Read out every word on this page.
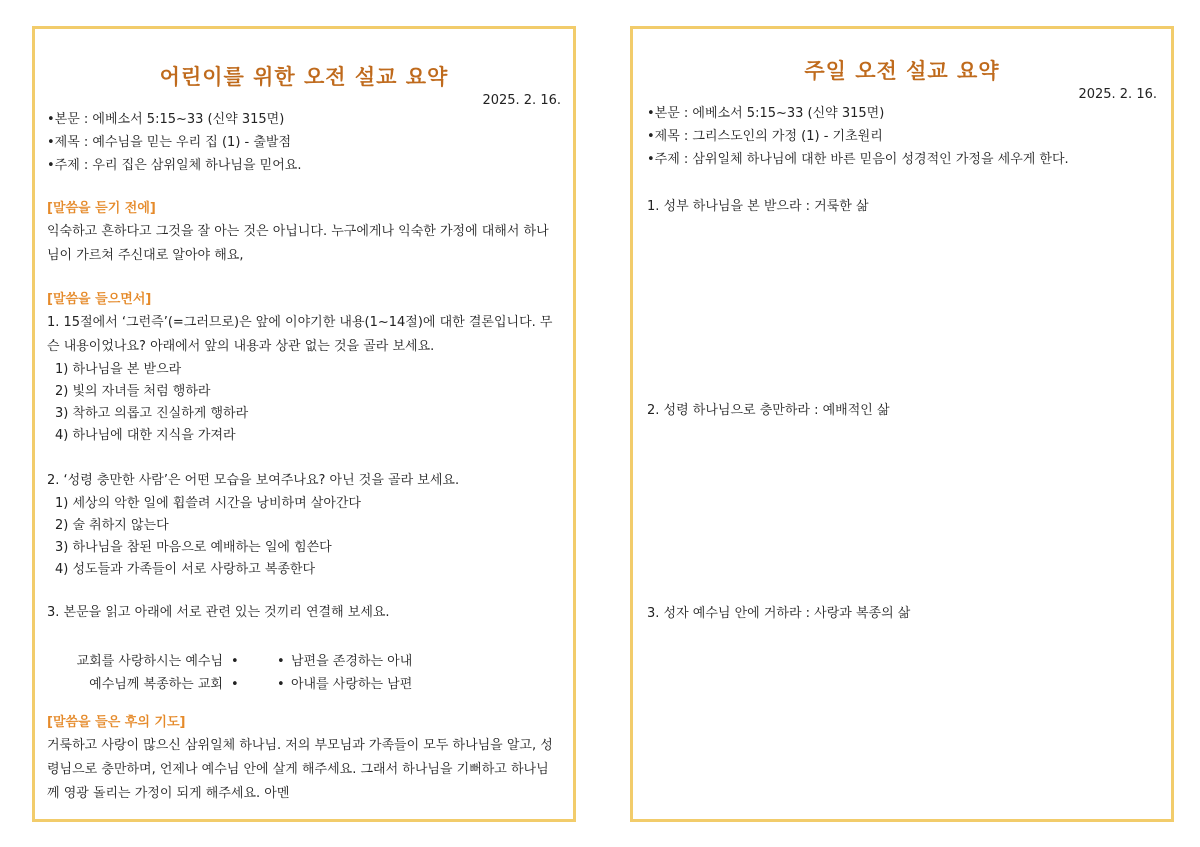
어린이를 위한 오전 설교 요약

2025. 2. 16.

•본문 : 에베소서 5:15~33 (신약 315면)
•제목 : 예수님을 믿는 우리 집 (1) - 출발점
•주제 : 우리 집은 삼위일체 하나님을 믿어요.

[말씀을 듣기 전에]

익숙하고 흔하다고 그것을 잘 아는 것은 아닙니다. 누구에게나 익숙한 가정에 대해서 하나님이 가르쳐 주신대로 알아야 해요,

[말씀을 들으면서]

1. 15절에서 ‘그런즉’(=그러므로)은 앞에 이야기한 내용(1~14절)에 대한 결론입니다. 무슨 내용이었나요? 아래에서 앞의 내용과 상관 없는 것을 골라 보세요.

1) 하나님을 본 받으라
2) 빛의 자녀들 처럼 행하라
3) 착하고 의롭고 진실하게 행하라
4) 하나님에 대한 지식을 가져라

2. ‘성령 충만한 사람’은 어떤 모습을 보여주나요? 아닌 것을 골라 보세요.

1) 세상의 악한 일에 휩쓸려 시간을 낭비하며 살아간다
2) 술 취하지 않는다
3) 하나님을 참된 마음으로 예배하는 일에 힘쓴다
4) 성도들과 가족들이 서로 사랑하고 복종한다

3. 본문을 읽고 아래에 서로 관련 있는 것끼리 연결해 보세요.

교회를 사랑하시는 예수님 •	• 남편을 존경하는 아내
예수님께 복종하는 교회 •	• 아내를 사랑하는 남편

[말씀을 들은 후의 기도]

거룩하고 사랑이 많으신 삼위일체 하나님. 저의 부모님과 가족들이 모두 하나님을 알고, 성령님으로 충만하며, 언제나 예수님 안에 살게 해주세요. 그래서 하나님을 기뻐하고 하나님께 영광 돌리는 가정이 되게 해주세요. 아멘

주일 오전 설교 요약

2025. 2. 16.

•본문 : 에베소서 5:15~33 (신약 315면)
•제목 : 그리스도인의 가정 (1) - 기초원리
•주제 : 삼위일체 하나님에 대한 바른 믿음이 성경적인 가정을 세우게 한다.

1. 성부 하나님을 본 받으라 : 거룩한 삶

2. 성령 하나님으로 충만하라 : 예배적인 삶

3. 성자 예수님 안에 거하라 : 사랑과 복종의 삶
